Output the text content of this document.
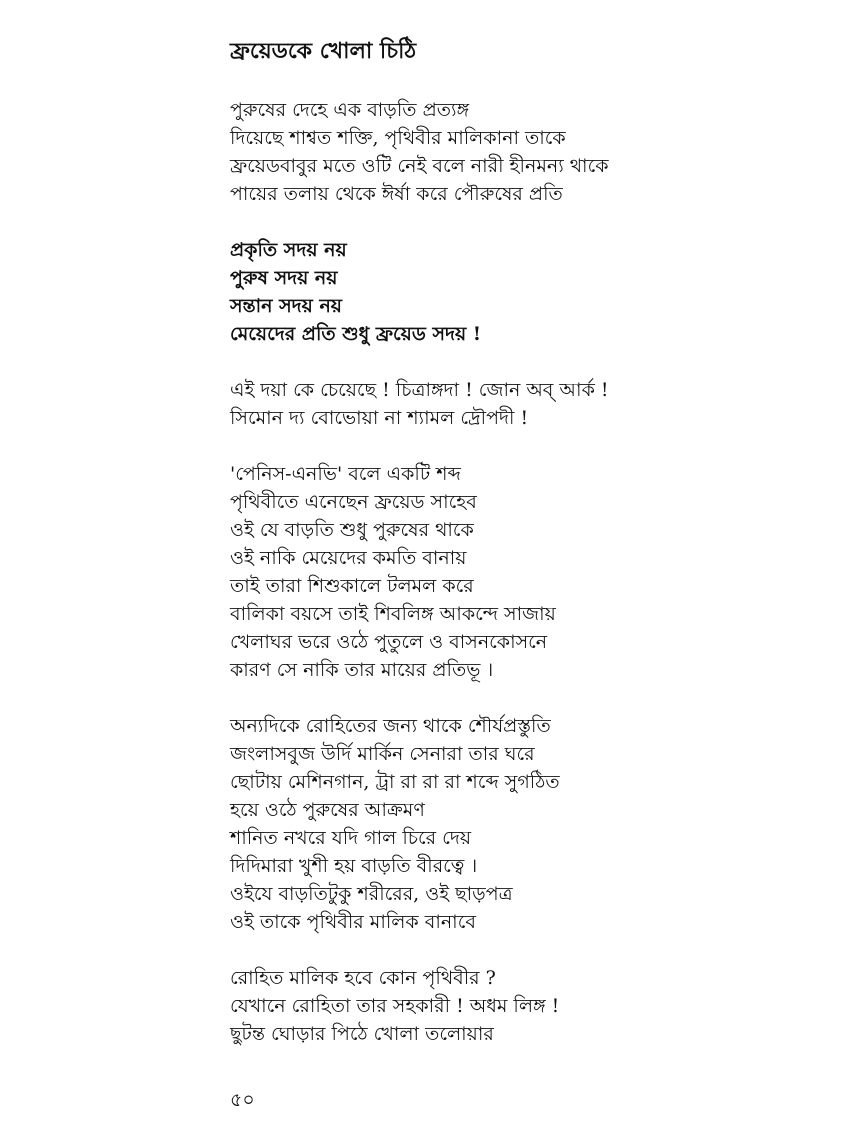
ফ্রয়েডকে খোলা চিঠি
পুরুষের দেহে এক বাড়তি প্রত্যঙ্গ
দিয়েছে শাশ্বত শক্তি, পৃথিবীর মালিকানা তাকে
ফ্রয়েডবাবুর মতে ওটি নেই বলে নারী হীনমন্য থাকে
পায়ের তলায় থেকে ঈর্ষা করে পৌরুষের প্রতি
প্রকৃতি সদয় নয়
পুরুষ সদয় নয়
সন্তান সদয় নয়
মেয়েদের প্রতি শুধু ফ্রয়েড সদয় !
এই দয়া কে চেয়েছে ! চিত্রাঙ্গদা ! জোন অব্ আর্ক !
সিমোন দ্য বোভোয়া না শ্যামল দ্রৌপদী !
'পেনিস-এনভি' বলে একটি শব্দ
পৃথিবীতে এনেছেন ফ্রয়েড সাহেব
ওই যে বাড়তি শুধু পুরুষের থাকে
ওই নাকি মেয়েদের কমতি বানায়
তাই তারা শিশুকালে টলমল করে
বালিকা বয়সে তাই শিবলিঙ্গ আকন্দে সাজায়
খেলাঘর ভরে ওঠে পুতুলে ও বাসনকোসনে
কারণ সে নাকি তার মায়ের প্রতিভূ ।
অন্যদিকে রোহিতের জন্য থাকে শৌর্যপ্রস্তুতি
জংলাসবুজ উর্দি মার্কিন সেনারা তার ঘরে
ছোটায় মেশিনগান, ট্রা রা রা রা শব্দে সুগঠিত
হয়ে ওঠে পুরুষের আক্রমণ
শানিত নখরে যদি গাল চিরে দেয়
দিদিমারা খুশী হয় বাড়তি বীরত্বে ।
ওইযে বাড়তিটুকু শরীরের, ওই ছাড়পত্র
ওই তাকে পৃথিবীর মালিক বানাবে
রোহিত মালিক হবে কোন পৃথিবীর ?
যেখানে রোহিতা তার সহকারী ! অধম লিঙ্গ !
ছুটন্ত ঘোড়ার পিঠে খোলা তলোয়ার
৫০
